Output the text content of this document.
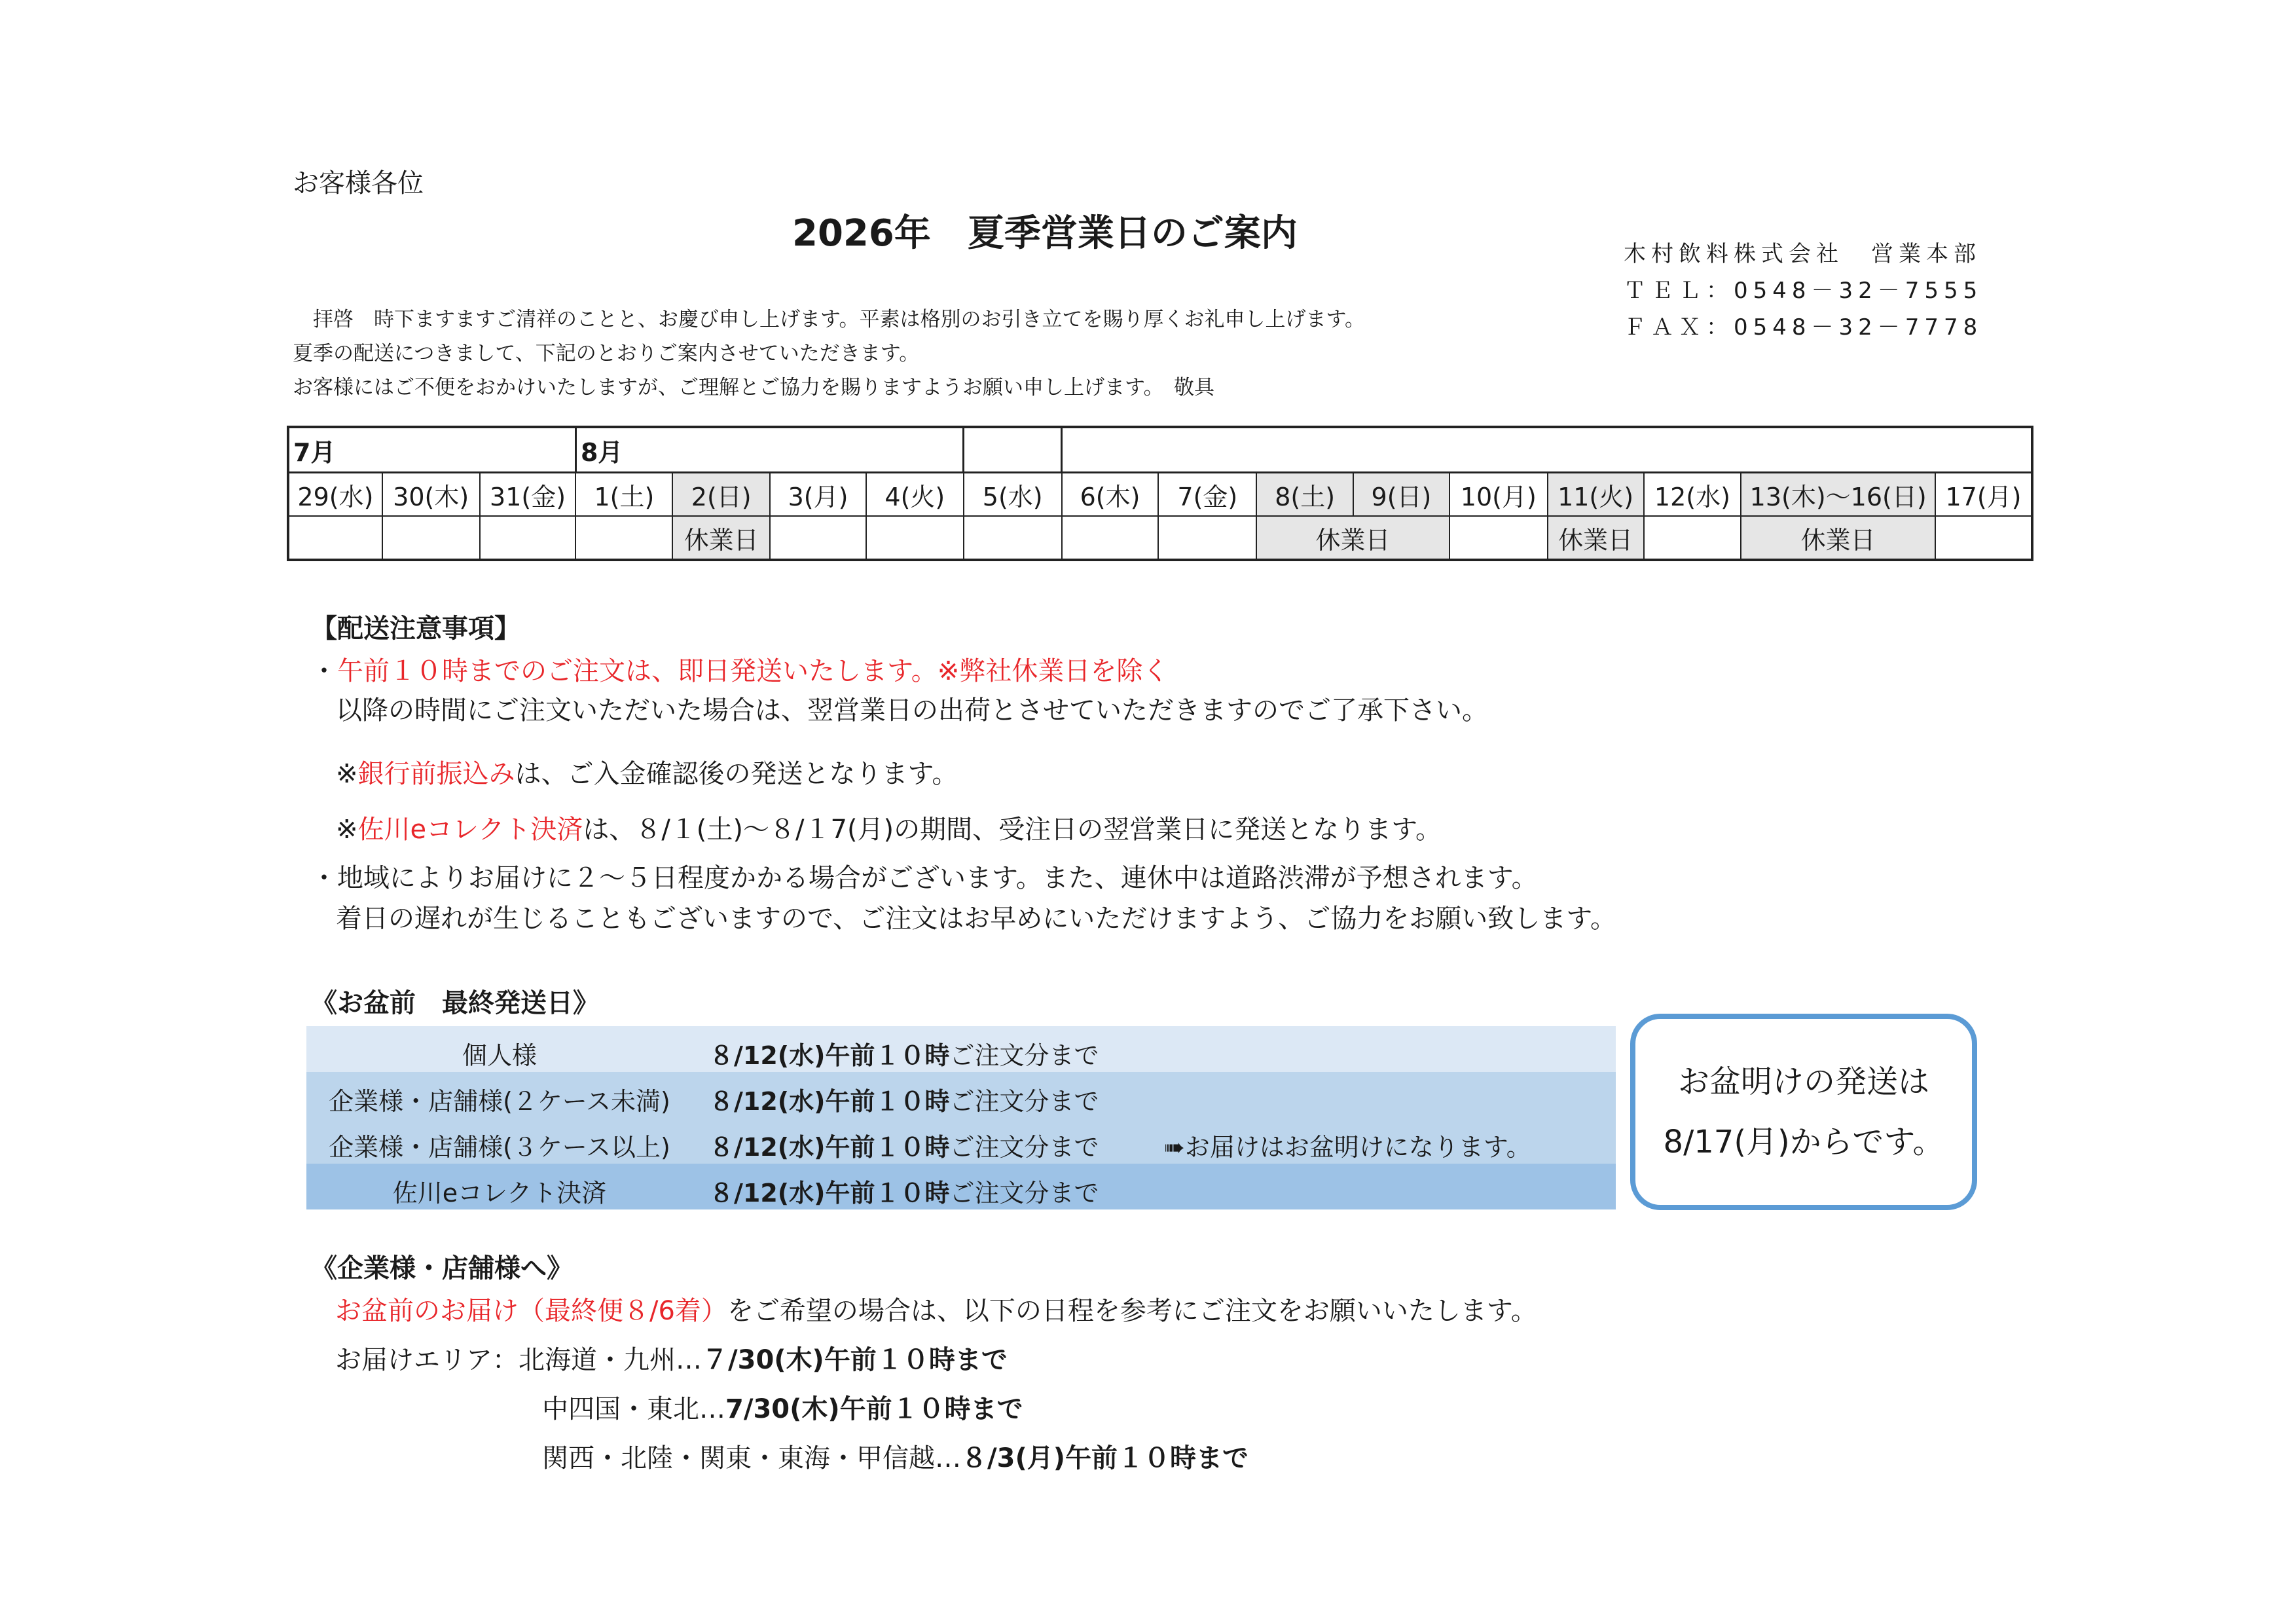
お客様各位
2026年　夏季営業日のご案内	木村飲料株式会社　営業本部
ＴＥＬ：0548－32－7555
ＦＡＸ：0548－32－7778
　拝啓　時下ますますご清祥のことと、お慶び申し上げます。平素は格別のお引き立てを賜り厚くお礼申し上げます。
夏季の配送につきまして、下記のとおりご案内させていただきます。
お客様にはご不便をおかけいたしますが、ご理解とご協力を賜りますようお願い申し上げます。　敬具
7月			8月													
29(水)	30(木)	31(金)	1(土)	2(日)	3(月)	4(火)	5(水)	6(木)	7(金)	8(土)	9(日)	10(月)	11(火)	12(水)	13(木)～16(日)	17(月)
				休業日						休業日			休業日		休業日	
【配送注意事項】
・午前１０時までのご注文は、即日発送いたします。※弊社休業日を除く
以降の時間にご注文いただいた場合は、翌営業日の出荷とさせていただきますのでご了承下さい。
※銀行前振込みは、ご入金確認後の発送となります。
※佐川eコレクト決済は、８/１(土)～８/１7(月)の期間、受注日の翌営業日に発送となります。
・地域によりお届けに２～５日程度かかる場合がございます。また、連休中は道路渋滞が予想されます。
着日の遅れが生じることもございますので、ご注文はお早めにいただけますよう、ご協力をお願い致します。
《お盆前　最終発送日》
個人様	８/12(水)午前１０時ご注文分まで
企業様・店舗様(２ケース未満)	８/12(水)午前１０時ご注文分まで
企業様・店舗様(３ケース以上)	８/12(水)午前１０時ご注文分まで	➠お届けはお盆明けになります。
佐川eコレクト決済	８/12(水)午前１０時ご注文分まで
お盆明けの発送は
8/17(月)からです。
《企業様・店舗様へ》
お盆前のお届け（最終便８/6着）をご希望の場合は、以下の日程を参考にご注文をお願いいたします。
お届けエリア：北海道・九州…７/30(木)午前１０時まで
中四国・東北…7/30(木)午前１０時まで
関西・北陸・関東・東海・甲信越…８/3(月)午前１０時まで
